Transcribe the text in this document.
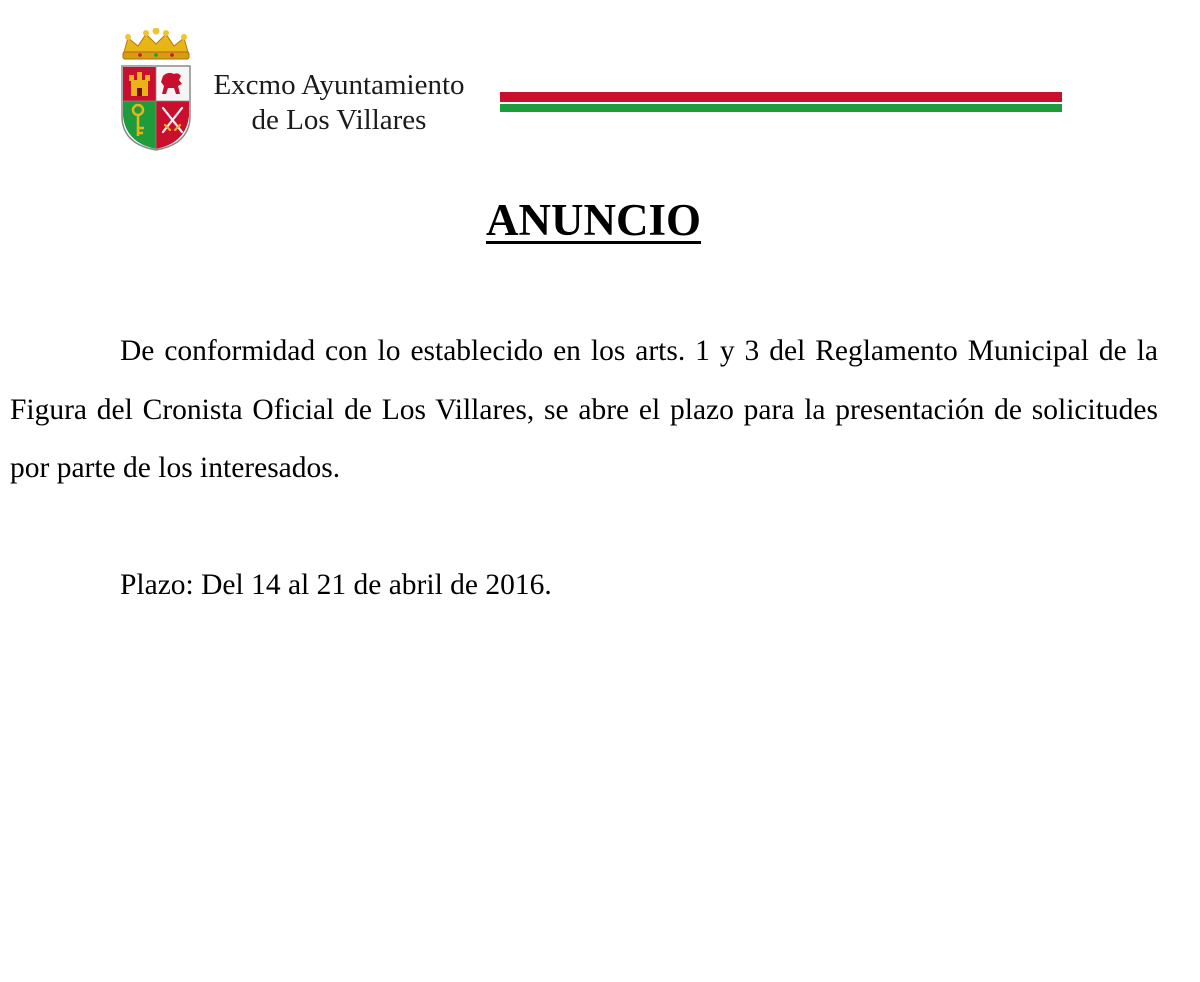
Excmo Ayuntamiento
de Los Villares
ANUNCIO

De conformidad con lo establecido en los arts. 1 y 3 del Reglamento Municipal de la Figura del Cronista Oficial de Los Villares, se abre el plazo para la presentación de solicitudes por parte de los interesados.

Plazo: Del 14 al 21 de abril de 2016.
